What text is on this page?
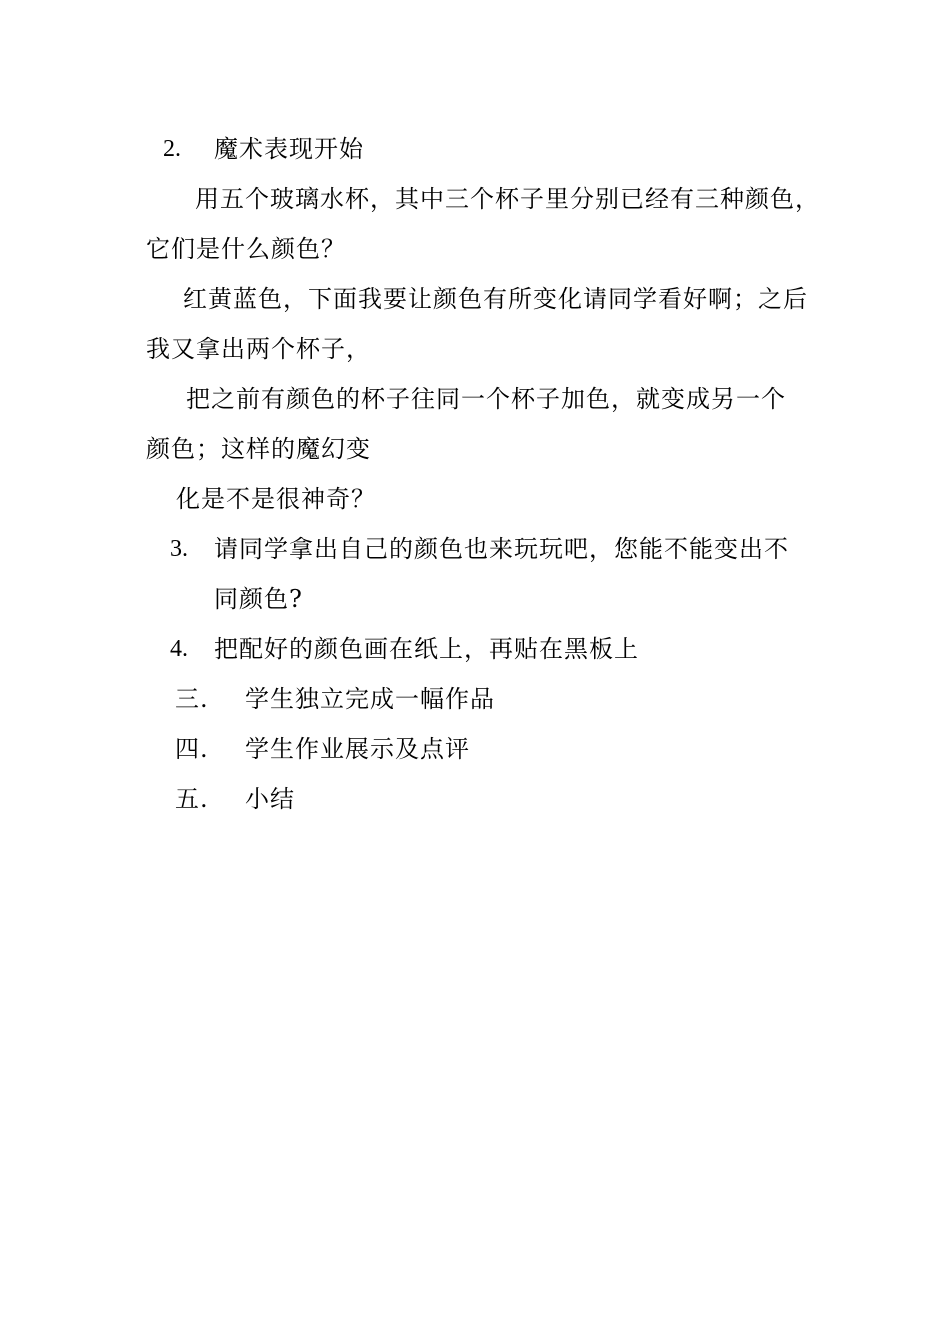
2. 魔术表现开始
用五个玻璃水杯，其中三个杯子里分别已经有三种颜色，
它们是什么颜色？
红黄蓝色，下面我要让颜色有所变化请同学看好啊；之后
我又拿出两个杯子，
把之前有颜色的杯子往同一个杯子加色，就变成另一个
颜色；这样的魔幻变
化是不是很神奇？
3. 请同学拿出自己的颜色也来玩玩吧，您能不能变出不
同颜色?
4. 把配好的颜色画在纸上，再贴在黑板上
三. 学生独立完成一幅作品
四. 学生作业展示及点评
五. 小结
